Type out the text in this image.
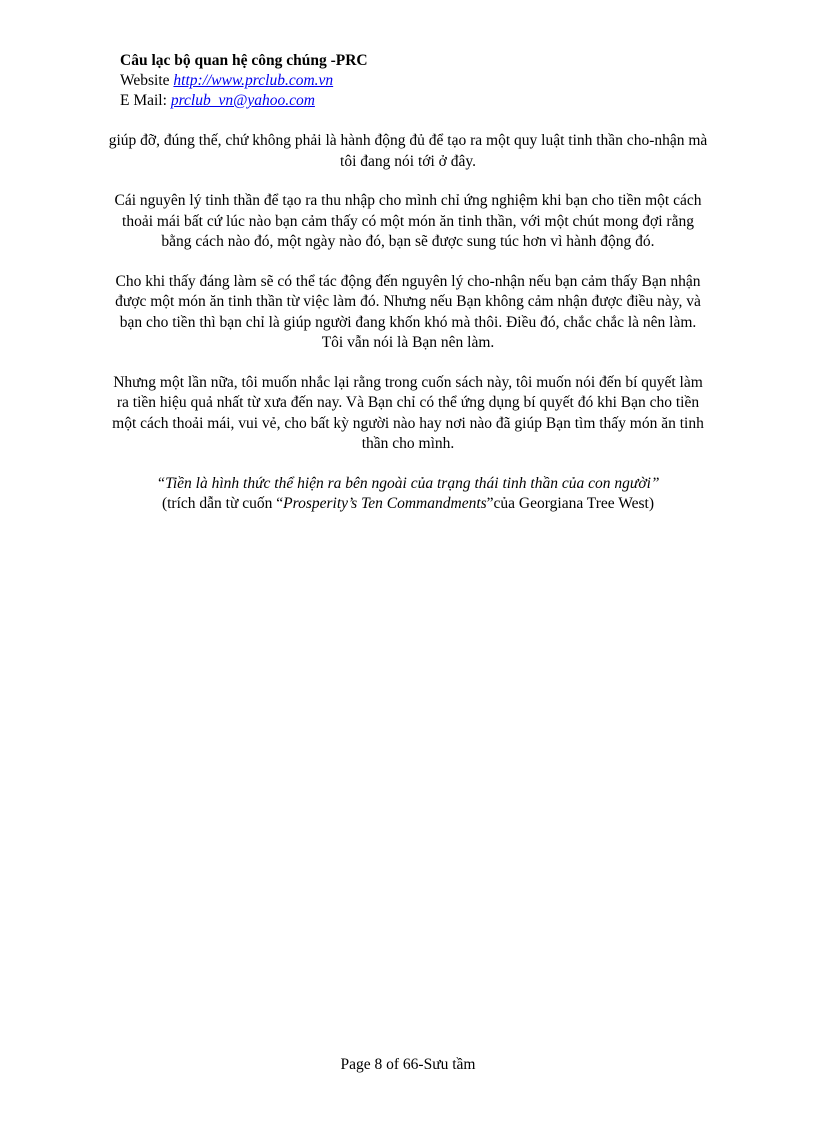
Câu lạc bộ quan hệ công chúng -PRC
Website http://www.prclub.com.vn
E Mail: prclub_vn@yahoo.com

giúp đỡ, đúng thế, chứ không phải là hành động đủ để tạo ra một quy luật tinh thần cho-nhận mà tôi đang nói tới ở đây.

Cái nguyên lý tinh thần để tạo ra thu nhập cho mình chỉ ứng nghiệm khi bạn cho tiền một cách thoải mái bất cứ lúc nào bạn cảm thấy có một món ăn tinh thần, với một chút mong đợi rằng bằng cách nào đó, một ngày nào đó, bạn sẽ được sung túc hơn vì hành động đó.

Cho khi thấy đáng làm sẽ có thể tác động đến nguyên lý cho-nhận nếu bạn cảm thấy Bạn nhận được một món ăn tinh thần từ việc làm đó. Nhưng nếu Bạn không cảm nhận được điều này, và bạn cho tiền thì bạn chỉ là giúp người đang khốn khó mà thôi. Điều đó, chắc chắc là nên làm. Tôi vẫn nói là Bạn nên làm.

Nhưng một lần nữa, tôi muốn nhắc lại rằng trong cuốn sách này, tôi muốn nói đến bí quyết làm ra tiền hiệu quả nhất từ xưa đến nay. Và Bạn chỉ có thể ứng dụng bí quyết đó khi Bạn cho tiền một cách thoải mái, vui vẻ, cho bất kỳ người nào hay nơi nào đã giúp Bạn tìm thấy món ăn tinh thần cho mình.

“Tiền là hình thức thể hiện ra bên ngoài của trạng thái tinh thần của con người”
(trích dẫn từ cuốn “Prosperity’s Ten Commandments”của Georgiana Tree West)
Page 8 of 66-Sưu tầm
